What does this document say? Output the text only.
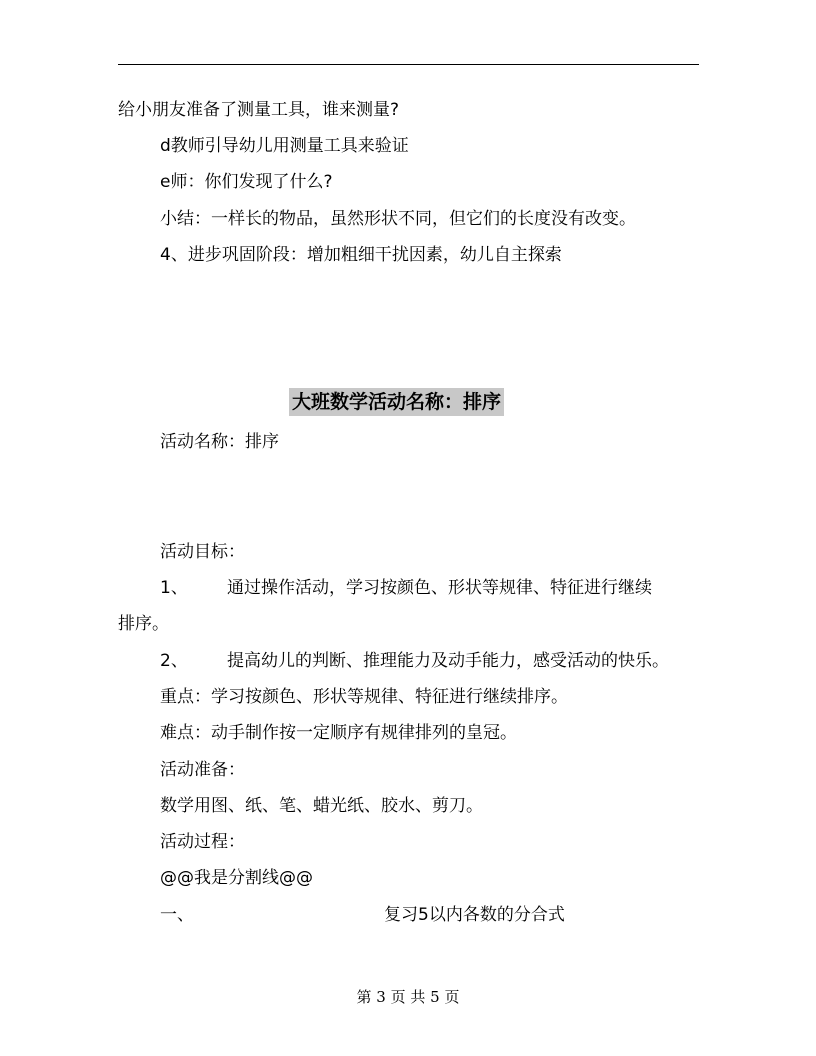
给小朋友准备了测量工具，谁来测量?
d教师引导幼儿用测量工具来验证
e师：你们发现了什么?
小结：一样长的物品，虽然形状不同，但它们的长度没有改变。
4、进步巩固阶段：增加粗细干扰因素，幼儿自主探索
大班数学活动名称：排序
活动名称：排序
活动目标：
1、 通过操作活动，学习按颜色、形状等规律、特征进行继续
排序。
2、 提高幼儿的判断、推理能力及动手能力，感受活动的快乐。
重点：学习按颜色、形状等规律、特征进行继续排序。
难点：动手制作按一定顺序有规律排列的皇冠。
活动准备：
数学用图、纸、笔、蜡光纸、胶水、剪刀。
活动过程：
@@我是分割线@@
一、	复习5以内各数的分合式
第 3 页 共 5 页
